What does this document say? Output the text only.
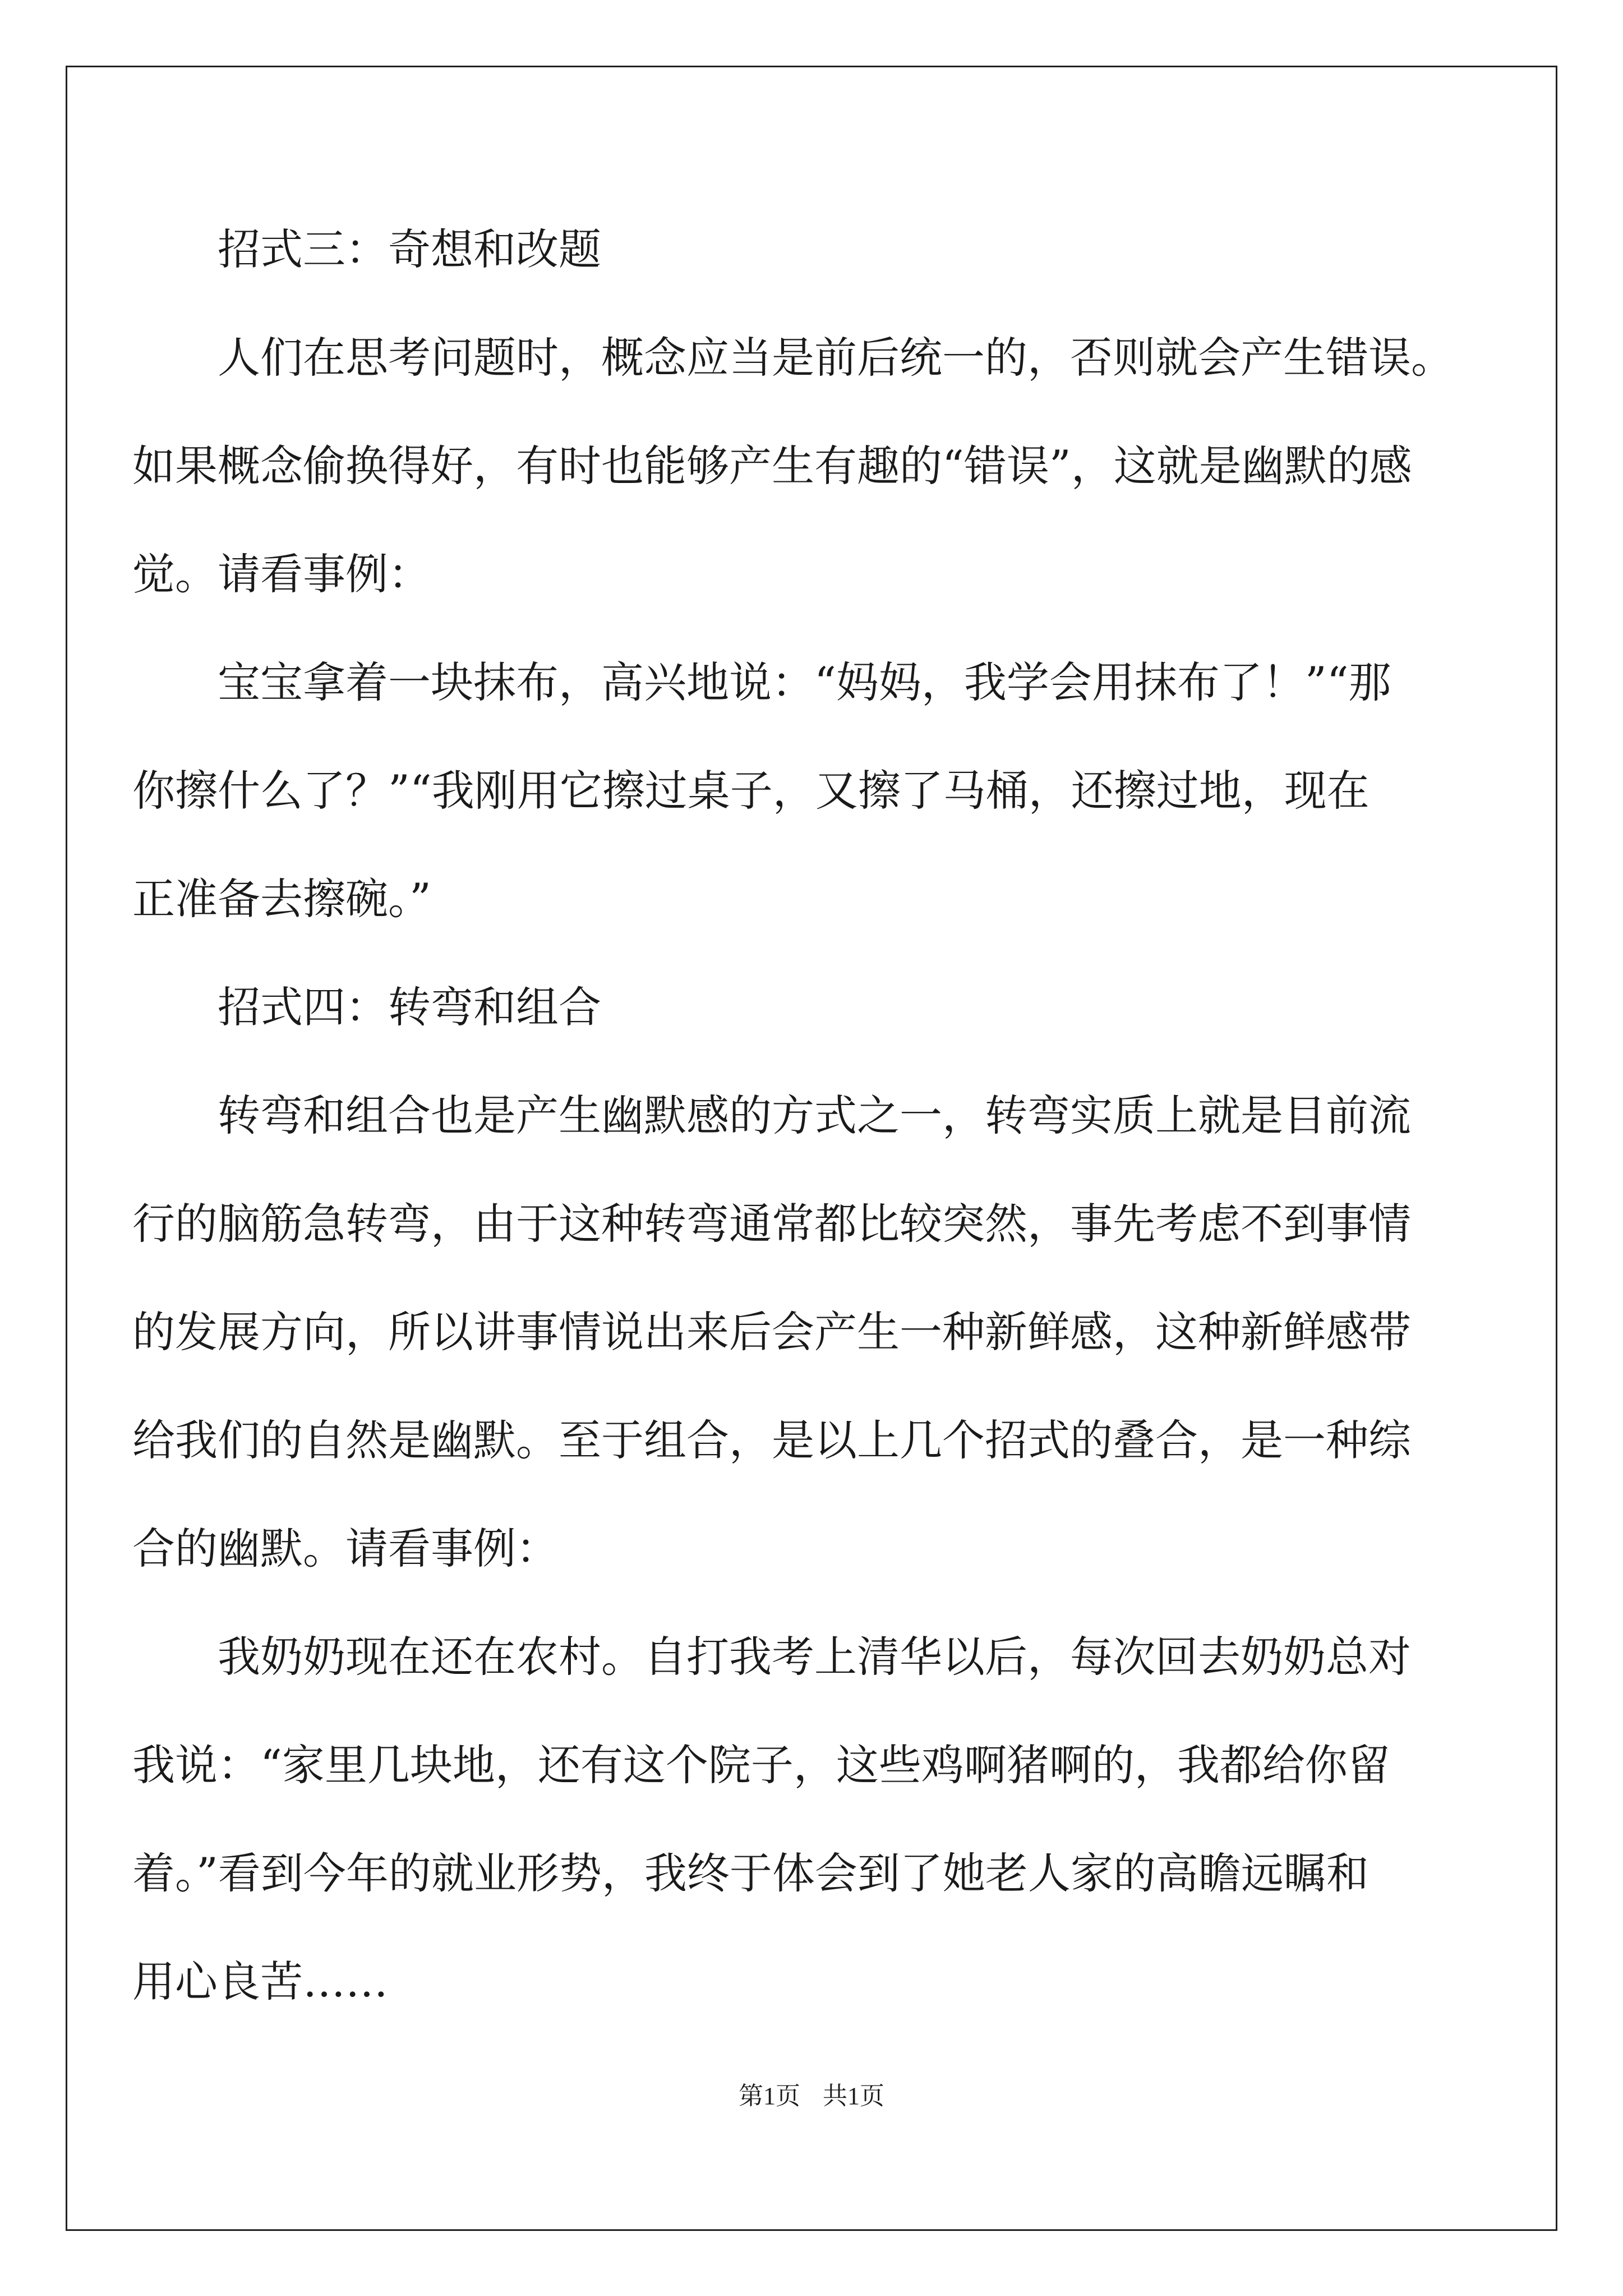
招式三：奇想和改题
人们在思考问题时，概念应当是前后统一的，否则就会产生错误。
如果概念偷换得好，有时也能够产生有趣的“错误”，这就是幽默的感
觉。请看事例：
宝宝拿着一块抹布，高兴地说：“妈妈，我学会用抹布了！”“那
你擦什么了？”“我刚用它擦过桌子，又擦了马桶，还擦过地，现在
正准备去擦碗。”
招式四：转弯和组合
转弯和组合也是产生幽默感的方式之一，转弯实质上就是目前流
行的脑筋急转弯，由于这种转弯通常都比较突然，事先考虑不到事情
的发展方向，所以讲事情说出来后会产生一种新鲜感，这种新鲜感带
给我们的自然是幽默。至于组合，是以上几个招式的叠合，是一种综
合的幽默。请看事例：
我奶奶现在还在农村。自打我考上清华以后，每次回去奶奶总对
我说：“家里几块地，还有这个院子，这些鸡啊猪啊的，我都给你留
着。”看到今年的就业形势，我终于体会到了她老人家的高瞻远瞩和
用心良苦……
第1页 共1页
